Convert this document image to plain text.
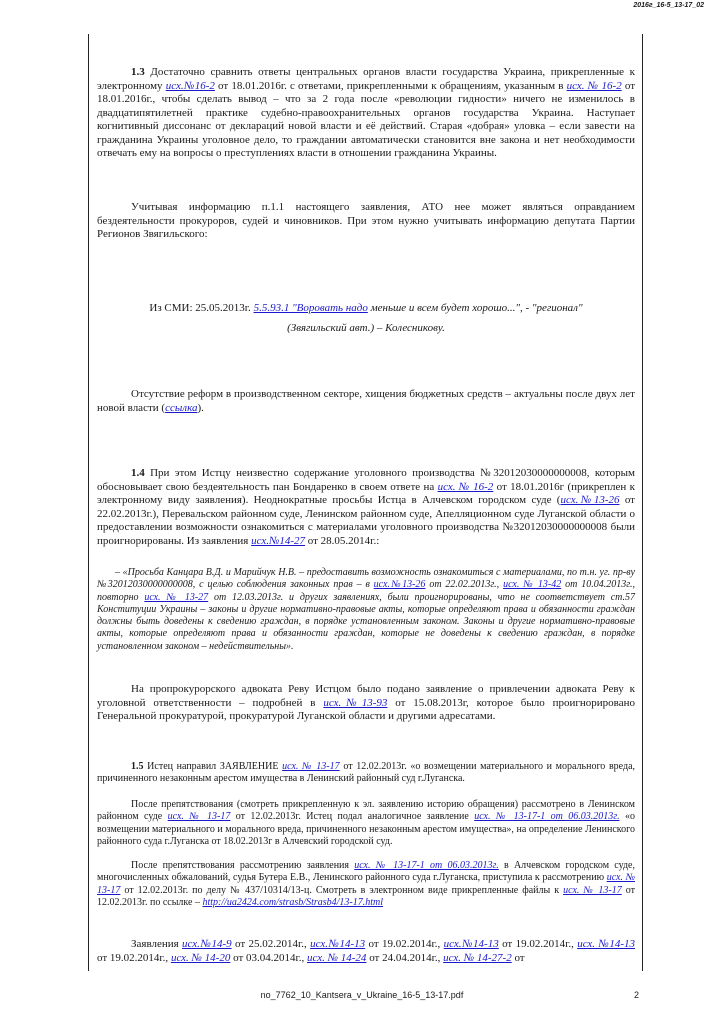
2016г_16-5_13-17_02

1.3 Достаточно сравнить ответы центральных органов власти государства Украина, прикрепленные к электронному исх.№16-2 от 18.01.2016г. с ответами, прикрепленными к обращениям, указанным в исх. № 16-2 от 18.01.2016г., чтобы сделать вывод – что за 2 года после «революции гидности» ничего не изменилось в двадцатипятилетней практике судебно-правоохранительных органов государства Украина. Наступает когнитивный диссонанс от деклараций новой власти и её действий. Старая «добрая» уловка – если завести на гражданина Украины уголовное дело, то граждании автоматически становится вне закона и нет необходимости отвечать ему на вопросы о преступлениях власти в отношении гражданина Украины.

Учитывая информацию п.1.1 настоящего заявления, АТО нее может являться оправданием бездеятельности прокуроров, судей и чиновников. При этом нужно учитывать информацию депутата Партии Регионов Звягильского:

Из СМИ: 25.05.2013г. 5.5.93.1 "Воровать надо меньше и всем будет хорошо...", - "регионал"
(Звягильский авт.) – Колесникову.

Отсутствие реформ в производственном секторе, хищения бюджетных средств – актуальны после двух лет новой власти (ссылка).

1.4 При этом Истцу неизвестно содержание уголовного производства №32012030000000008, которым обосновывает свою бездеятельность пан Бондаренко в своем ответе на исх. № 16-2 от 18.01.2016г (прикреплен к электронному виду заявления). Неоднократные просьбы Истца в Алчевском городском суде (исх.№13-26 от 22.02.2013г.), Перевальском районном суде, Ленинском районном суде, Апелляционном суде Луганской области о предоставлении возможности ознакомиться с материалами уголовного производства №32012030000000008 были проигнорированы. Из заявления исх.№14-27 от 28.05.2014г.:

– «Просьба Канцара В.Д. и Марийчук Н.В. – предоставить возможность ознакомиться с материалами, по т.н. уг. пр-ву №32012030000000008, с целью соблюдения законных прав – в исх.№13-26 от 22.02.2013г., исх. № 13-42 от 10.04.2013г., повторно исх. № 13-27 от 12.03.2013г. и других заявлениях, были проигнорированы, что не соответствует ст.57 Конституции Украины – законы и другие нормативно-правовые акты, которые определяют права и обязанности граждан должны быть доведены к сведению граждан, в порядке установленным законом. Законы и другие нормативно-правовые акты, которые определяют права и обязанности граждан, которые не доведены к сведению граждан, в порядке установленном законом – недействительны».

На пропрокурорского адвоката Реву Истцом было подано заявление о привлечении адвоката Реву к уголовной ответственности – подробней в исх.№13-93 от 15.08.2013г, которое было проигнорировано Генеральной прокуратурой, прокуратурой Луганской области и другими адресатами.

1.5 Истец направил ЗАЯВЛЕНИЕ исх. № 13-17 от 12.02.2013г. «о возмещении материального и морального вреда, причиненного незаконным арестом имущества в Ленинский районный суд г.Луганска.

После препятствования (смотреть прикрепленную к эл. заявлению историю обращения) рассмотрено в Ленинском районном суде исх. № 13-17 от 12.02.2013г. Истец подал аналогичное заявление исх. № 13-17-1 от 06.03.2013г. «о возмещении материального и морального вреда, причиненного незаконным арестом имущества», на определение Ленинского районного суда г.Луганска от 18.02.2013г в Алчевский городской суд.

После препятствования рассмотрению заявления исх. № 13-17-1 от 06.03.2013г. в Алчевском городском суде, многочисленных обжалований, судья Бутера Е.В., Ленинского районного суда г.Луганска, приступила к рассмотрению исх. № 13-17 от 12.02.2013г. по делу № 437/10314/13-ц. Смотреть в электронном виде прикрепленные файлы к исх. № 13-17 от 12.02.2013г. по ссылке – http://ua2424.com/strasb/Strasb4/13-17.html

Заявления исх.№14-9 от 25.02.2014г., исх.№14-13 от 19.02.2014г., исх.№14-13 от 19.02.2014г., исх. №14-13 от 19.02.2014г., исх. № 14-20 от 03.04.2014г., исх. № 14-24 от 24.04.2014г., исх. № 14-27-2 от

no_7762_10_Kantsera_v_Ukraine_16-5_13-17.pdf	2
